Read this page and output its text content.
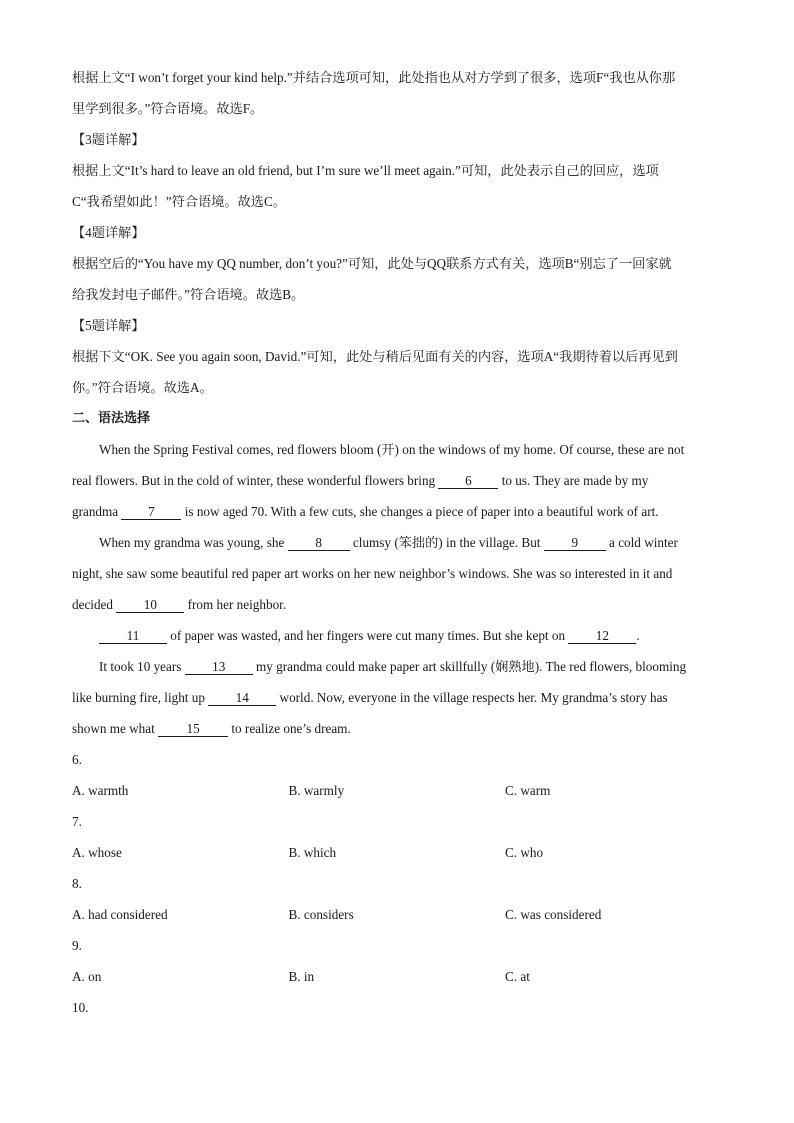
根据上文“I won’t forget your kind help.”并结合选项可知，此处指也从对方学到了很多，选项F“我也从你那
里学到很多。”符合语境。故选F。
【3题详解】
根据上文“It’s hard to leave an old friend, but I’m sure we’ll meet again.”可知，此处表示自己的回应，选项
C“我希望如此！”符合语境。故选C。
【4题详解】
根据空后的“You have my QQ number, don’t you?”可知，此处与QQ联系方式有关，选项B“别忘了一回家就
给我发封电子邮件。”符合语境。故选B。
【5题详解】
根据下文“OK. See you again soon, David.”可知，此处与稍后见面有关的内容，选项A“我期待着以后再见到
你。”符合语境。故选A。
二、语法选择
When the Spring Festival comes, red flowers bloom (开) on the windows of my home. Of course, these are not
real flowers. But in the cold of winter, these wonderful flowers bring 6 to us. They are made by my
grandma 7 is now aged 70. With a few cuts, she changes a piece of paper into a beautiful work of art.
When my grandma was young, she 8 clumsy (笨拙的) in the village. But 9 a cold winter
night, she saw some beautiful red paper art works on her new neighbor’s windows. She was so interested in it and
decided 10 from her neighbor.
11 of paper was wasted, and her fingers were cut many times. But she kept on 12 .
It took 10 years 13 my grandma could make paper art skillfully (娴熟地). The red flowers, blooming
like burning fire, light up 14 world. Now, everyone in the village respects her. My grandma’s story has
shown me what 15 to realize one’s dream.
6.
A. warmth	B. warmly	C. warm
7.
A. whose	B. which	C. who
8.
A. had considered	B. considers	C. was considered
9.
A. on	B. in	C. at
10.
